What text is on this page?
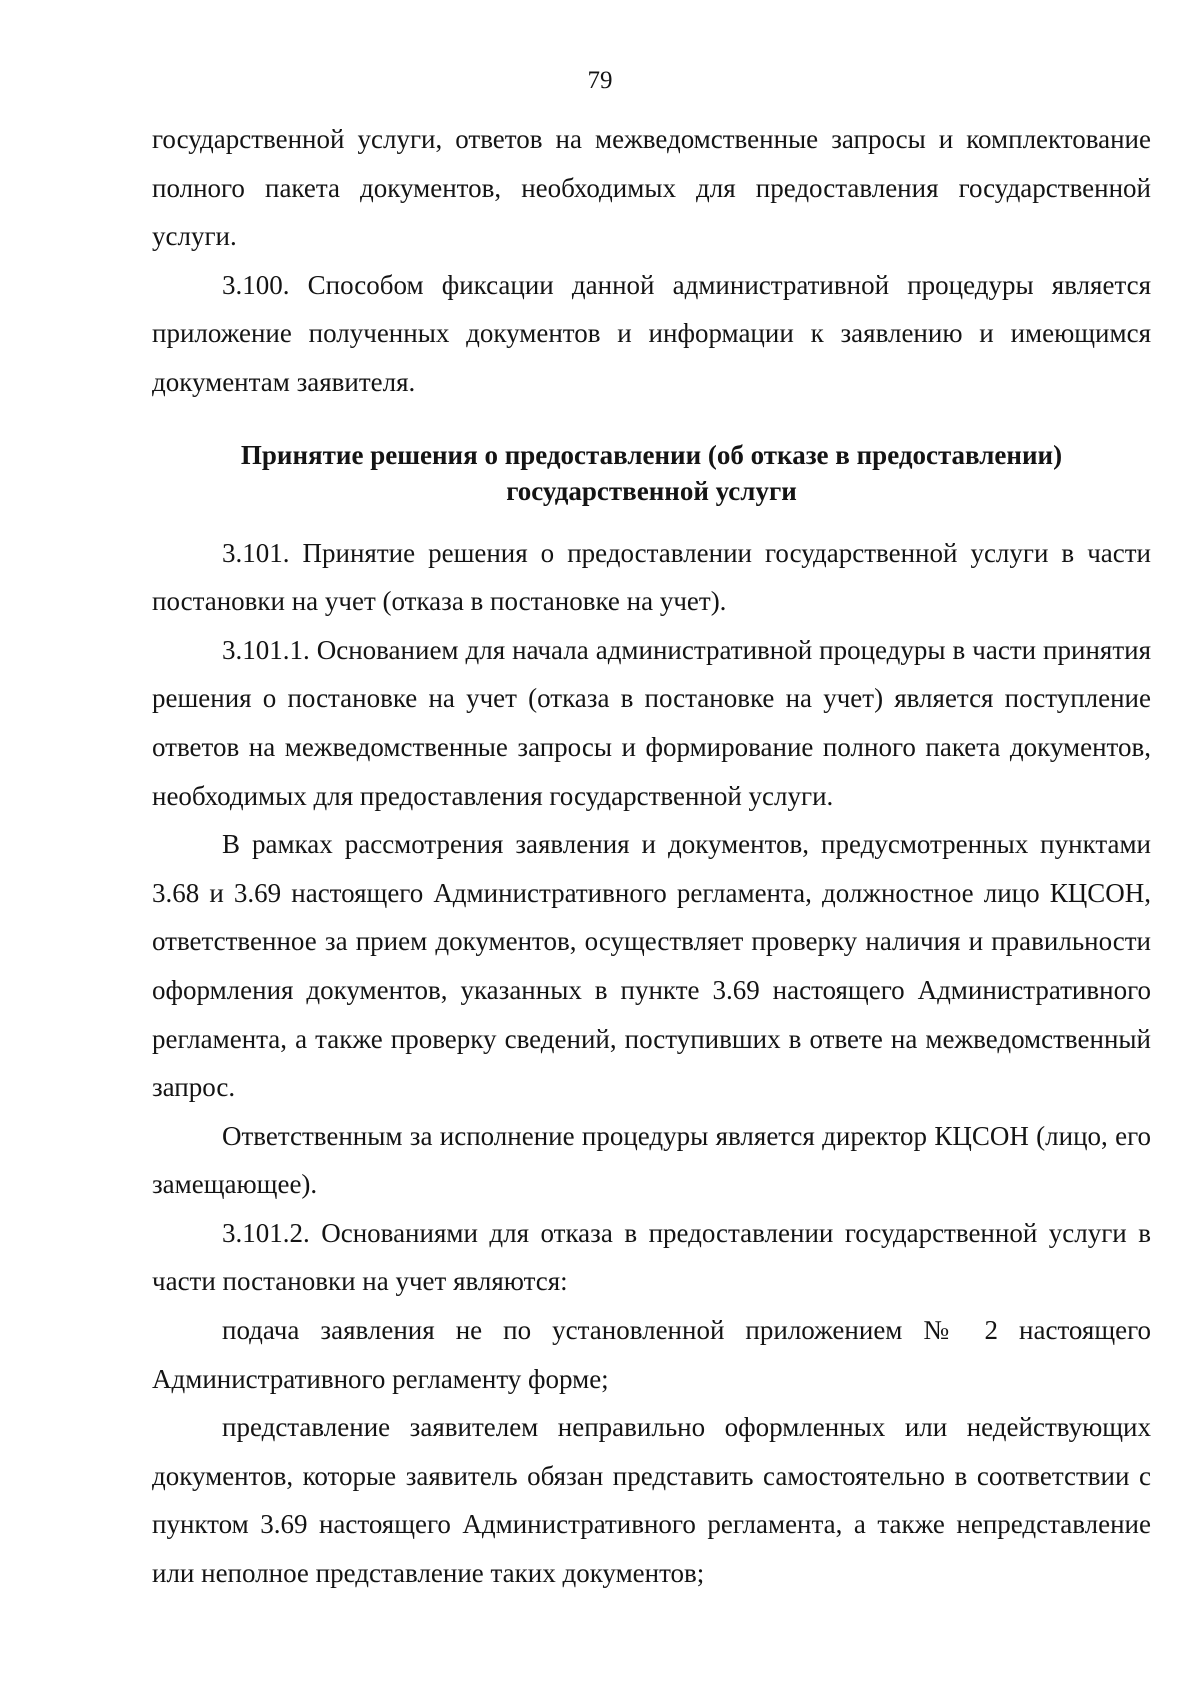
79

государственной услуги, ответов на межведомственные запросы и комплектование полного пакета документов, необходимых для предоставления государственной услуги.

3.100. Способом фиксации данной административной процедуры является приложение полученных документов и информации к заявлению и имеющимся документам заявителя.

Принятие решения о предоставлении (об отказе в предоставлении)
государственной услуги

3.101. Принятие решения о предоставлении государственной услуги в части постановки на учет (отказа в постановке на учет).

3.101.1. Основанием для начала административной процедуры в части принятия решения о постановке на учет (отказа в постановке на учет) является поступление ответов на межведомственные запросы и формирование полного пакета документов, необходимых для предоставления государственной услуги.

В рамках рассмотрения заявления и документов, предусмотренных пунктами 3.68 и 3.69 настоящего Административного регламента, должностное лицо КЦСОН, ответственное за прием документов, осуществляет проверку наличия и правильности оформления документов, указанных в пункте 3.69 настоящего Административного регламента, а также проверку сведений, поступивших в ответе на межведомственный запрос.

Ответственным за исполнение процедуры является директор КЦСОН (лицо, его замещающее).

3.101.2. Основаниями для отказа в предоставлении государственной услуги в части постановки на учет являются:

подача заявления не по установленной приложением № 2 настоящего Административного регламенту форме;

представление заявителем неправильно оформленных или недействующих документов, которые заявитель обязан представить самостоятельно в соответствии с пунктом 3.69 настоящего Административного регламента, а также непредставление или неполное представление таких документов;
